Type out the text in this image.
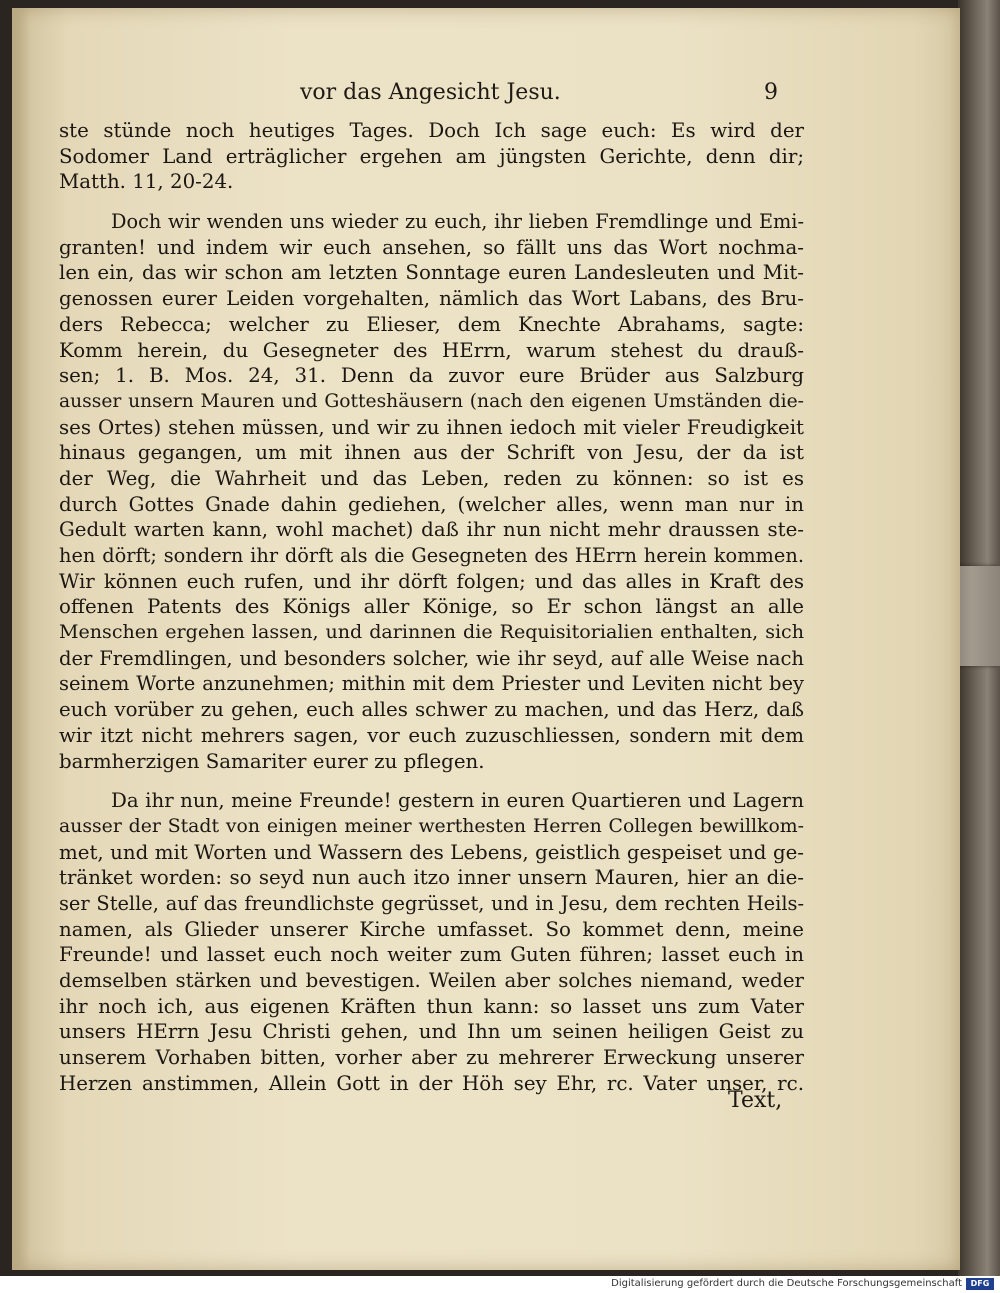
vor das Angesicht Jesu.	9
ste stünde noch heutiges Tages. Doch Ich sage euch: Es wird der
Sodomer Land erträglicher ergehen am jüngsten Gerichte, denn dir;
Matth. 11, 20-24.
Doch wir wenden uns wieder zu euch, ihr lieben Fremdlinge und Emi-
granten! und indem wir euch ansehen, so fällt uns das Wort nochma-
len ein, das wir schon am letzten Sonntage euren Landesleuten und Mit-
genossen eurer Leiden vorgehalten, nämlich das Wort Labans, des Bru-
ders Rebecca; welcher zu Elieser, dem Knechte Abrahams, sagte:
Komm herein, du Gesegneter des HErrn, warum stehest du drauß-
sen; 1. B. Mos. 24, 31. Denn da zuvor eure Brüder aus Salzburg
ausser unsern Mauren und Gotteshäusern (nach den eigenen Umständen die-
ses Ortes) stehen müssen, und wir zu ihnen iedoch mit vieler Freudigkeit
hinaus gegangen, um mit ihnen aus der Schrift von Jesu, der da ist
der Weg, die Wahrheit und das Leben, reden zu können: so ist es
durch Gottes Gnade dahin gediehen, (welcher alles, wenn man nur in
Gedult warten kann, wohl machet) daß ihr nun nicht mehr draussen ste-
hen dörft; sondern ihr dörft als die Gesegneten des HErrn herein kommen.
Wir können euch rufen, und ihr dörft folgen; und das alles in Kraft des
offenen Patents des Königs aller Könige, so Er schon längst an alle
Menschen ergehen lassen, und darinnen die Requisitorialien enthalten, sich
der Fremdlingen, und besonders solcher, wie ihr seyd, auf alle Weise nach
seinem Worte anzunehmen; mithin mit dem Priester und Leviten nicht bey
euch vorüber zu gehen, euch alles schwer zu machen, und das Herz, daß
wir itzt nicht mehrers sagen, vor euch zuzuschliessen, sondern mit dem
barmherzigen Samariter eurer zu pflegen.
Da ihr nun, meine Freunde! gestern in euren Quartieren und Lagern
ausser der Stadt von einigen meiner werthesten Herren Collegen bewillkom-
met, und mit Worten und Wassern des Lebens, geistlich gespeiset und ge-
tränket worden: so seyd nun auch itzo inner unsern Mauren, hier an die-
ser Stelle, auf das freundlichste gegrüsset, und in Jesu, dem rechten Heils-
namen, als Glieder unserer Kirche umfasset. So kommet denn, meine
Freunde! und lasset euch noch weiter zum Guten führen; lasset euch in
demselben stärken und bevestigen. Weilen aber solches niemand, weder
ihr noch ich, aus eigenen Kräften thun kann: so lasset uns zum Vater
unsers HErrn Jesu Christi gehen, und Ihn um seinen heiligen Geist zu
unserem Vorhaben bitten, vorher aber zu mehrerer Erweckung unserer
Herzen anstimmen, Allein Gott in der Höh sey Ehr, rc. Vater unser, rc.
Text,
Digitalisierung gefördert durch die Deutsche Forschungsgemeinschaft	DFG
